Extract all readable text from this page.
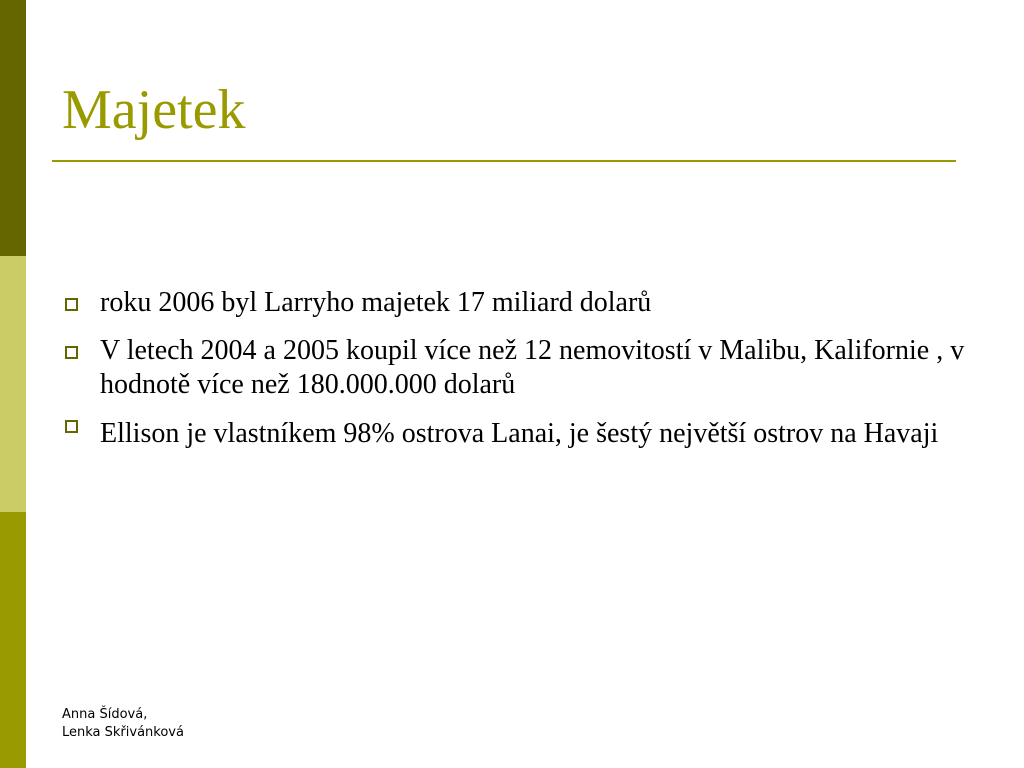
Majetek
roku 2006 byl Larryho majetek 17 miliard dolarů
V letech 2004 a 2005 koupil více než 12 nemovitostí v Malibu, Kalifornie , v hodnotě více než 180.000.000 dolarů
Ellison je vlastníkem 98% ostrova Lanai, je šestý největší ostrov na Havaji
Anna Šídová,
Lenka Skřivánková
